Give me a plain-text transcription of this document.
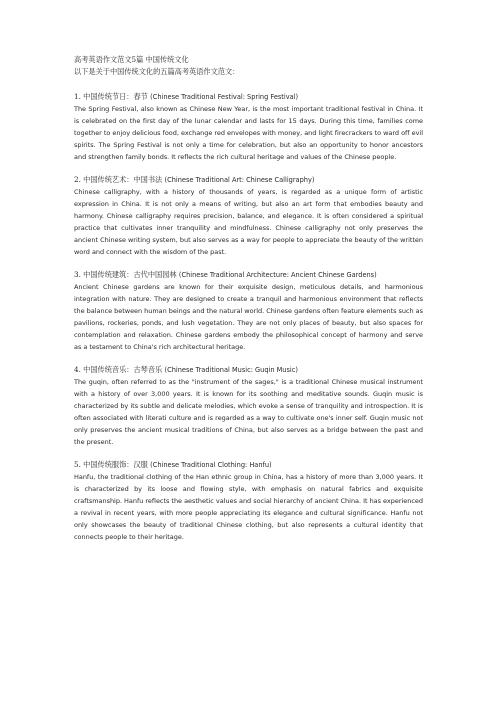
高考英语作文范文5篇 中国传统文化

以下是关于中国传统文化的五篇高考英语作文范文：

1. 中国传统节日：春节 (Chinese Traditional Festival: Spring Festival)

The Spring Festival, also known as Chinese New Year, is the most important traditional festival in China. It is celebrated on the first day of the lunar calendar and lasts for 15 days. During this time, families come together to enjoy delicious food, exchange red envelopes with money, and light firecrackers to ward off evil spirits. The Spring Festival is not only a time for celebration, but also an opportunity to honor ancestors and strengthen family bonds. It reflects the rich cultural heritage and values of the Chinese people.

2. 中国传统艺术：中国书法 (Chinese Traditional Art: Chinese Calligraphy)

Chinese calligraphy, with a history of thousands of years, is regarded as a unique form of artistic expression in China. It is not only a means of writing, but also an art form that embodies beauty and harmony. Chinese calligraphy requires precision, balance, and elegance. It is often considered a spiritual practice that cultivates inner tranquility and mindfulness. Chinese calligraphy not only preserves the ancient Chinese writing system, but also serves as a way for people to appreciate the beauty of the written word and connect with the wisdom of the past.

3. 中国传统建筑：古代中国园林 (Chinese Traditional Architecture: Ancient Chinese Gardens)

Ancient Chinese gardens are known for their exquisite design, meticulous details, and harmonious integration with nature. They are designed to create a tranquil and harmonious environment that reflects the balance between human beings and the natural world. Chinese gardens often feature elements such as pavilions, rockeries, ponds, and lush vegetation. They are not only places of beauty, but also spaces for contemplation and relaxation. Chinese gardens embody the philosophical concept of harmony and serve as a testament to China's rich architectural heritage.

4. 中国传统音乐：古琴音乐 (Chinese Traditional Music: Guqin Music)

The guqin, often referred to as the "instrument of the sages," is a traditional Chinese musical instrument with a history of over 3,000 years. It is known for its soothing and meditative sounds. Guqin music is characterized by its subtle and delicate melodies, which evoke a sense of tranquility and introspection. It is often associated with literati culture and is regarded as a way to cultivate one's inner self. Guqin music not only preserves the ancient musical traditions of China, but also serves as a bridge between the past and the present.

5. 中国传统服饰：汉服 (Chinese Traditional Clothing: Hanfu)

Hanfu, the traditional clothing of the Han ethnic group in China, has a history of more than 3,000 years. It is characterized by its loose and flowing style, with emphasis on natural fabrics and exquisite craftsmanship. Hanfu reflects the aesthetic values and social hierarchy of ancient China. It has experienced a revival in recent years, with more people appreciating its elegance and cultural significance. Hanfu not only showcases the beauty of traditional Chinese clothing, but also represents a cultural identity that connects people to their heritage.
